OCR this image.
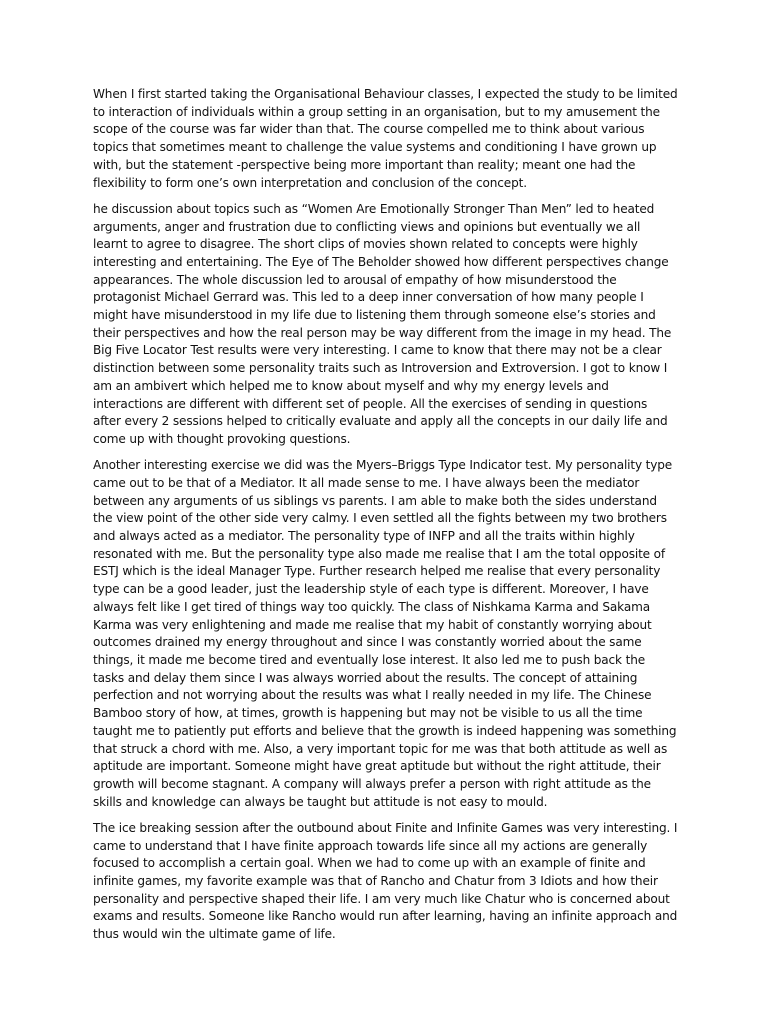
When I first started taking the Organisational Behaviour classes, I expected the study to be limited to interaction of individuals within a group setting in an organisation, but to my amusement the scope of the course was far wider than that. The course compelled me to think about various topics that sometimes meant to challenge the value systems and conditioning I have grown up with, but the statement -perspective being more important than reality; meant one had the flexibility to form one’s own interpretation and conclusion of the concept.

he discussion about topics such as “Women Are Emotionally Stronger Than Men” led to heated arguments, anger and frustration due to conflicting views and opinions but eventually we all learnt to agree to disagree. The short clips of movies shown related to concepts were highly interesting and entertaining. The Eye of The Beholder showed how different perspectives change appearances. The whole discussion led to arousal of empathy of how misunderstood the protagonist Michael Gerrard was. This led to a deep inner conversation of how many people I might have misunderstood in my life due to listening them through someone else’s stories and their perspectives and how the real person may be way different from the image in my head. The Big Five Locator Test results were very interesting. I came to know that there may not be a clear distinction between some personality traits such as Introversion and Extroversion. I got to know I am an ambivert which helped me to know about myself and why my energy levels and interactions are different with different set of people. All the exercises of sending in questions after every 2 sessions helped to critically evaluate and apply all the concepts in our daily life and come up with thought provoking questions.

Another interesting exercise we did was the Myers–Briggs Type Indicator test. My personality type came out to be that of a Mediator. It all made sense to me. I have always been the mediator between any arguments of us siblings vs parents. I am able to make both the sides understand the view point of the other side very calmy. I even settled all the fights between my two brothers and always acted as a mediator. The personality type of INFP and all the traits within highly resonated with me. But the personality type also made me realise that I am the total opposite of ESTJ which is the ideal Manager Type. Further research helped me realise that every personality type can be a good leader, just the leadership style of each type is different. Moreover, I have always felt like I get tired of things way too quickly. The class of Nishkama Karma and Sakama Karma was very enlightening and made me realise that my habit of constantly worrying about outcomes drained my energy throughout and since I was constantly worried about the same things, it made me become tired and eventually lose interest. It also led me to push back the tasks and delay them since I was always worried about the results. The concept of attaining perfection and not worrying about the results was what I really needed in my life. The Chinese Bamboo story of how, at times, growth is happening but may not be visible to us all the time taught me to patiently put efforts and believe that the growth is indeed happening was something that struck a chord with me. Also, a very important topic for me was that both attitude as well as aptitude are important. Someone might have great aptitude but without the right attitude, their growth will become stagnant. A company will always prefer a person with right attitude as the skills and knowledge can always be taught but attitude is not easy to mould.

The ice breaking session after the outbound about Finite and Infinite Games was very interesting. I came to understand that I have finite approach towards life since all my actions are generally focused to accomplish a certain goal. When we had to come up with an example of finite and infinite games, my favorite example was that of Rancho and Chatur from 3 Idiots and how their personality and perspective shaped their life. I am very much like Chatur who is concerned about exams and results. Someone like Rancho would run after learning, having an infinite approach and thus would win the ultimate game of life.
